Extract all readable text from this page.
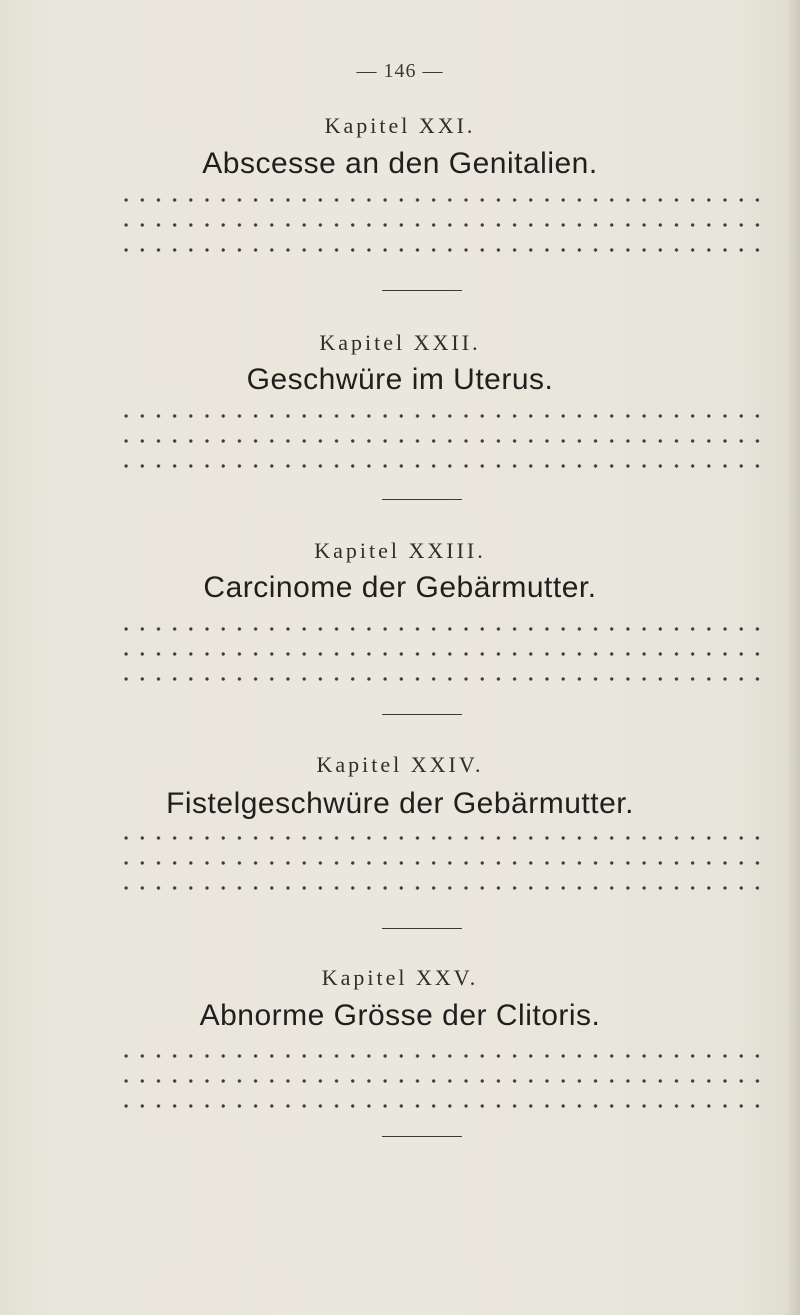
— 146 —
Kapitel XXI.
Abscesse an den Genitalien.
Kapitel XXII.
Geschwüre im Uterus.
Kapitel XXIII.
Carcinome der Gebärmutter.
Kapitel XXIV.
Fistelgeschwüre der Gebärmutter.
Kapitel XXV.
Abnorme Grösse der Clitoris.
